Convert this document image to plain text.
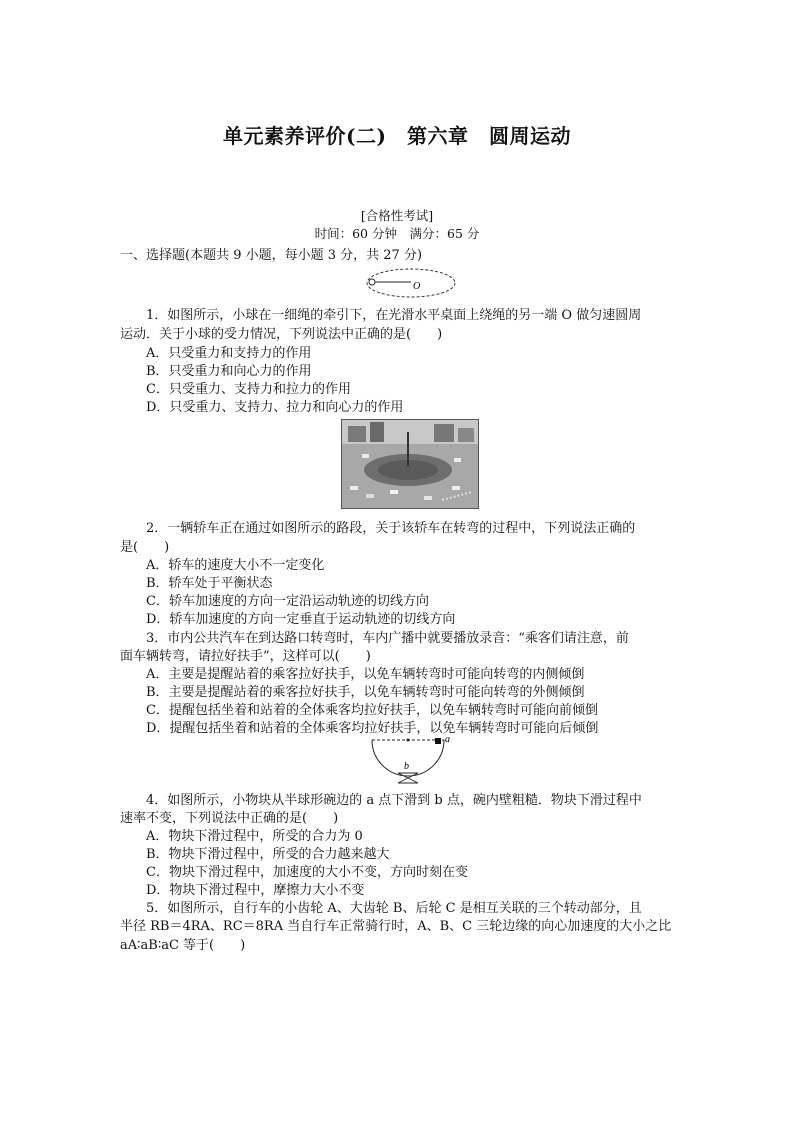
单元素养评价(二)　第六章　圆周运动
[合格性考试]
时间：60 分钟　满分：65 分
一、选择题(本题共 9 小题，每小题 3 分，共 27 分)
O
1．如图所示，小球在一细绳的牵引下，在光滑水平桌面上绕绳的另一端 O 做匀速圆周
运动．关于小球的受力情况，下列说法中正确的是(　　)
A．只受重力和支持力的作用
B．只受重力和向心力的作用
C．只受重力、支持力和拉力的作用
D．只受重力、支持力、拉力和向心力的作用
2．一辆轿车正在通过如图所示的路段，关于该轿车在转弯的过程中，下列说法正确的
是(　　)
A．轿车的速度大小不一定变化
B．轿车处于平衡状态
C．轿车加速度的方向一定沿运动轨迹的切线方向
D．轿车加速度的方向一定垂直于运动轨迹的切线方向
3．市内公共汽车在到达路口转弯时，车内广播中就要播放录音：“乘客们请注意，前
面车辆转弯，请拉好扶手”，这样可以(　　)
A．主要是提醒站着的乘客拉好扶手，以免车辆转弯时可能向转弯的内侧倾倒
B．主要是提醒站着的乘客拉好扶手，以免车辆转弯时可能向转弯的外侧倾倒
C．提醒包括坐着和站着的全体乘客均拉好扶手，以免车辆转弯时可能向前倾倒
D．提醒包括坐着和站着的全体乘客均拉好扶手，以免车辆转弯时可能向后倾倒
a
b
4．如图所示，小物块从半球形碗边的 a 点下滑到 b 点，碗内壁粗糙．物块下滑过程中
速率不变，下列说法中正确的是(　　)
A．物块下滑过程中，所受的合力为 0
B．物块下滑过程中，所受的合力越来越大
C．物块下滑过程中，加速度的大小不变，方向时刻在变
D．物块下滑过程中，摩擦力大小不变
5．如图所示，自行车的小齿轮 A、大齿轮 B、后轮 C 是相互关联的三个转动部分，且
半径 RB＝4RA、RC＝8RA 当自行车正常骑行时，A、B、C 三轮边缘的向心加速度的大小之比
aA∶aB∶aC 等于(　　)
